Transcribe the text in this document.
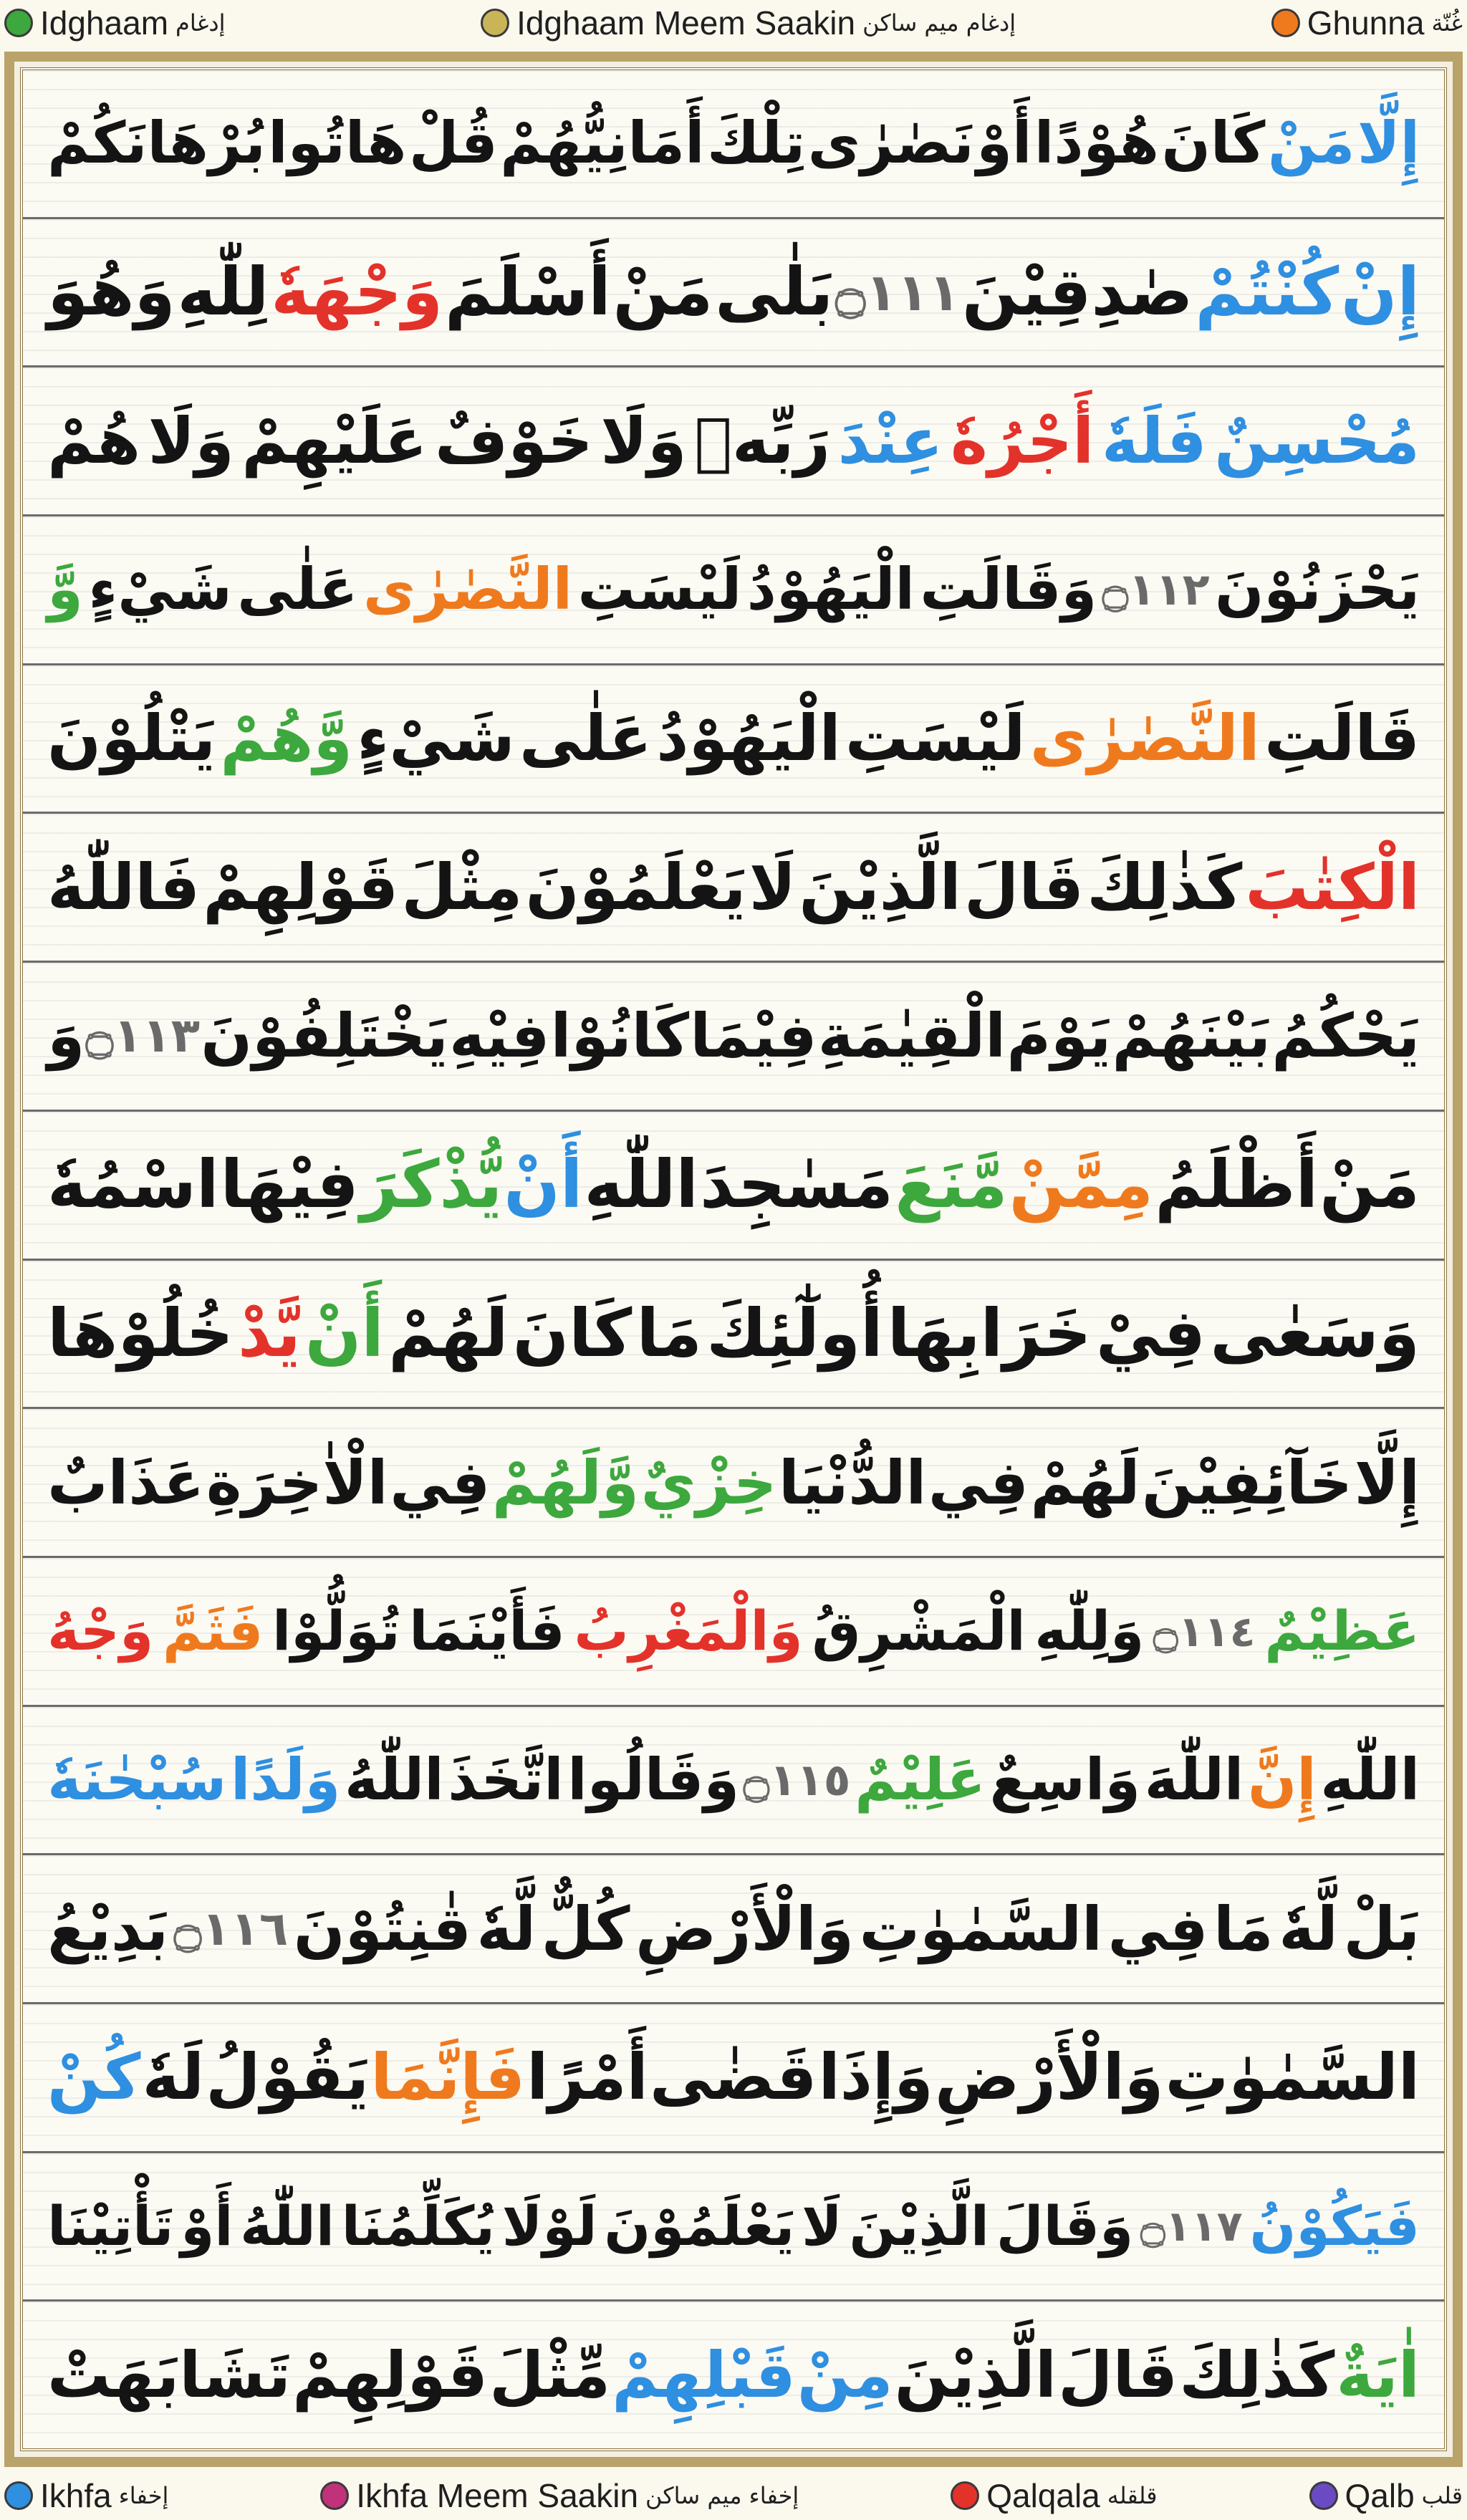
Idghaam إدغام	Idghaam Meem Saakin إدغام ميم ساكن	Ghunna غُنّة
إِلَّا
مَنْ
كَانَ
هُوْدًا
أَوْ
نَصٰرٰى
تِلْكَ
أَمَانِيُّهُمْ
قُلْ
هَاتُوا
بُرْهَانَكُمْ
إِنْ
كُنْتُمْ
صٰدِقِيْنَ
۝١١١
بَلٰى
مَنْ
أَسْلَمَ
وَجْهَهٗ
لِلّٰهِ
وَهُوَ
مُحْسِنٌ
فَلَهٗ
أَجْرُهٗ
عِنْدَ
رَبِّهٖ
وَلَا
خَوْفٌ
عَلَيْهِمْ
وَلَا
هُمْ
يَحْزَنُوْنَ
۝١١٢
وَقَالَتِ
الْيَهُوْدُ
لَيْسَتِ
النَّصٰرٰى
عَلٰى
شَيْءٍ
وَّ
قَالَتِ
النَّصٰرٰى
لَيْسَتِ
الْيَهُوْدُ
عَلٰى
شَيْءٍ
وَّهُمْ
يَتْلُوْنَ
الْكِتٰبَ
كَذٰلِكَ
قَالَ
الَّذِيْنَ
لَا
يَعْلَمُوْنَ
مِثْلَ
قَوْلِهِمْ
فَاللّٰهُ
يَحْكُمُ
بَيْنَهُمْ
يَوْمَ
الْقِيٰمَةِ
فِيْمَا
كَانُوْا
فِيْهِ
يَخْتَلِفُوْنَ
۝١١٣
وَ
مَنْ
أَظْلَمُ
مِمَّنْ
مَّنَعَ
مَسٰجِدَ
اللّٰهِ
أَنْ
يُّذْكَرَ
فِيْهَا
اسْمُهٗ
وَسَعٰى
فِيْ
خَرَابِهَا
أُولٰٓئِكَ
مَا
كَانَ
لَهُمْ
أَنْ
يَّدْ
خُلُوْهَا
إِلَّا
خَآئِفِيْنَ
لَهُمْ
فِي
الدُّنْيَا
خِزْيٌ
وَّلَهُمْ
فِي
الْاٰخِرَةِ
عَذَابٌ
عَظِيْمٌ
۝١١٤
وَلِلّٰهِ
الْمَشْرِقُ
وَالْمَغْرِبُ
فَأَيْنَمَا
تُوَلُّوْا
فَثَمَّ
وَجْهُ
اللّٰهِ
إِنَّ
اللّٰهَ
وَاسِعٌ
عَلِيْمٌ
۝١١٥
وَقَالُوا
اتَّخَذَ
اللّٰهُ
وَلَدًا
سُبْحٰنَهٗ
بَلْ
لَّهٗ
مَا
فِي
السَّمٰوٰتِ
وَالْأَرْضِ
كُلٌّ
لَّهٗ
قٰنِتُوْنَ
۝١١٦
بَدِيْعُ
السَّمٰوٰتِ
وَالْأَرْضِ
وَإِذَا
قَضٰى
أَمْرًا
فَإِنَّمَا
يَقُوْلُ
لَهٗ
كُنْ
فَيَكُوْنُ
۝١١٧
وَقَالَ
الَّذِيْنَ
لَا
يَعْلَمُوْنَ
لَوْلَا
يُكَلِّمُنَا
اللّٰهُ
أَوْ
تَأْتِيْنَا
اٰيَةٌ
كَذٰلِكَ
قَالَ
الَّذِيْنَ
مِنْ
قَبْلِهِمْ
مِّثْلَ
قَوْلِهِمْ
تَشَابَهَتْ
Ikhfa إخفاء	Ikhfa Meem Saakin إخفاء ميم ساكن	Qalqala قلقله	Qalb قلب
